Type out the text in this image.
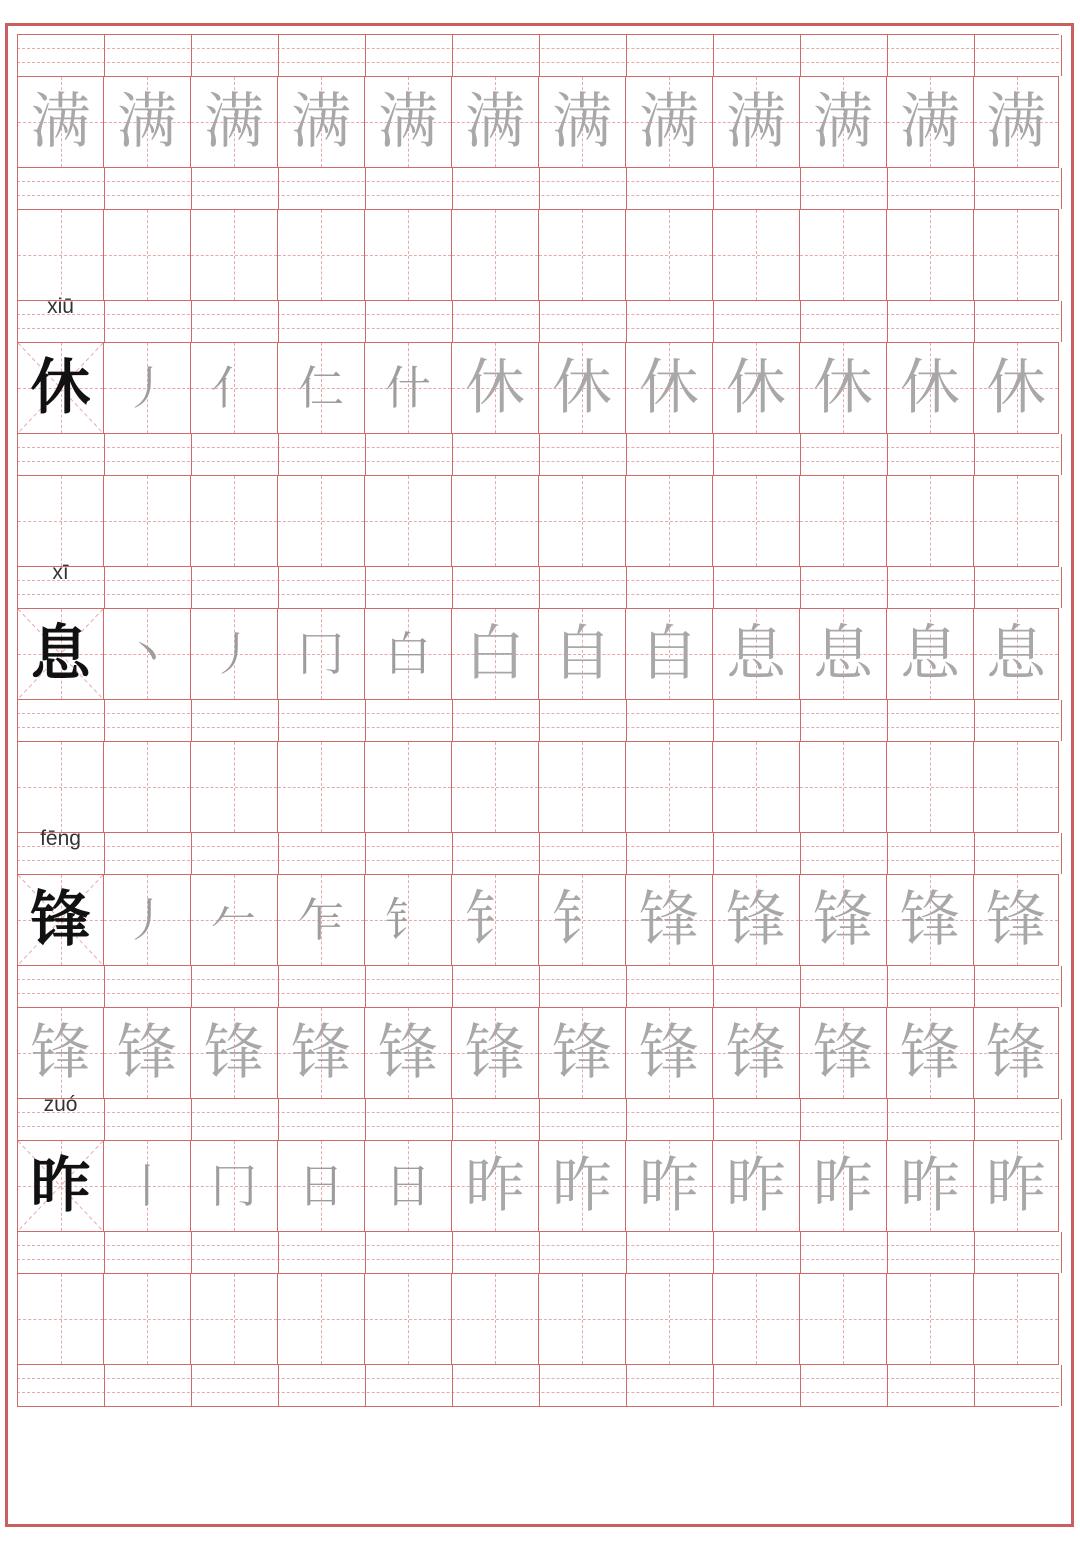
满 满 满 满 满 满 满 满 满 满 满 满
xiū
休 丿 亻 仁 什 休 休 休 休 休 休 休
xī
息 丶 丿 冂 白 白 自 自 息 息 息 息
fēng
锋 丿 𠂉 乍 钅 钅 钅 锋 锋 锋 锋 锋
锋 锋 锋 锋 锋 锋 锋 锋 锋 锋 锋 锋
zuó
昨 丨 冂 日 日 昨 昨 昨 昨 昨 昨 昨
